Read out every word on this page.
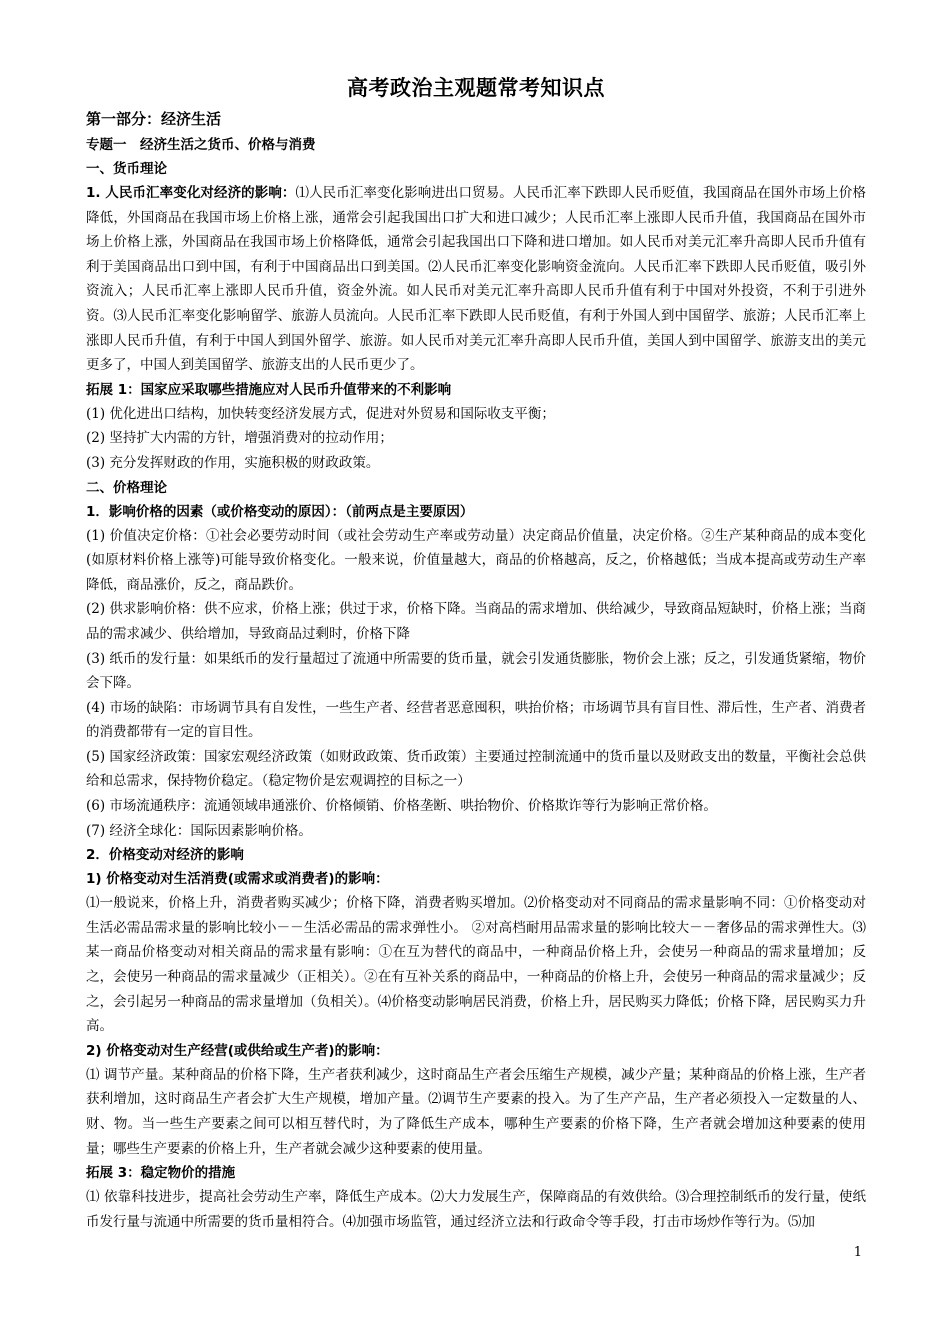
高考政治主观题常考知识点
第一部分：经济生活
专题一　经济生活之货币、价格与消费
一、货币理论

1. 人民币汇率变化对经济的影响：⑴人民币汇率变化影响进出口贸易。人民币汇率下跌即人民币贬值，我国商品在国外市场上价格降低，外国商品在我国市场上价格上涨，通常会引起我国出口扩大和进口减少；人民币汇率上涨即人民币升值，我国商品在国外市场上价格上涨，外国商品在我国市场上价格降低，通常会引起我国出口下降和进口增加。如人民币对美元汇率升高即人民币升值有利于美国商品出口到中国，有利于中国商品出口到美国。⑵人民币汇率变化影响资金流向。人民币汇率下跌即人民币贬值，吸引外资流入；人民币汇率上涨即人民币升值，资金外流。如人民币对美元汇率升高即人民币升值有利于中国对外投资，不利于引进外资。⑶人民币汇率变化影响留学、旅游人员流向。人民币汇率下跌即人民币贬值，有利于外国人到中国留学、旅游；人民币汇率上涨即人民币升值，有利于中国人到国外留学、旅游。如人民币对美元汇率升高即人民币升值，美国人到中国留学、旅游支出的美元更多了，中国人到美国留学、旅游支出的人民币更少了。

拓展 1：国家应采取哪些措施应对人民币升值带来的不利影响

(1) 优化进出口结构，加快转变经济发展方式，促进对外贸易和国际收支平衡；

(2) 坚持扩大内需的方针，增强消费对的拉动作用；

(3) 充分发挥财政的作用，实施积极的财政政策。

二、价格理论
1．影响价格的因素（或价格变动的原因）：（前两点是主要原因）

(1) 价值决定价格：①社会必要劳动时间（或社会劳动生产率或劳动量）决定商品价值量，决定价格。②生产某种商品的成本变化(如原材料价格上涨等)可能导致价格变化。一般来说，价值量越大，商品的价格越高，反之，价格越低；当成本提高或劳动生产率降低，商品涨价，反之，商品跌价。

(2) 供求影响价格：供不应求，价格上涨；供过于求，价格下降。当商品的需求增加、供给减少，导致商品短缺时，价格上涨；当商品的需求减少、供给增加，导致商品过剩时，价格下降

(3) 纸币的发行量：如果纸币的发行量超过了流通中所需要的货币量，就会引发通货膨胀，物价会上涨；反之，引发通货紧缩，物价会下降。

(4) 市场的缺陷：市场调节具有自发性，一些生产者、经营者恶意囤积，哄抬价格；市场调节具有盲目性、滞后性，生产者、消费者的消费都带有一定的盲目性。

(5) 国家经济政策：国家宏观经济政策（如财政政策、货币政策）主要通过控制流通中的货币量以及财政支出的数量，平衡社会总供给和总需求，保持物价稳定。（稳定物价是宏观调控的目标之一）

(6) 市场流通秩序：流通领域串通涨价、价格倾销、价格垄断、哄抬物价、价格欺诈等行为影响正常价格。

(7) 经济全球化：国际因素影响价格。

2．价格变动对经济的影响
1) 价格变动对生活消费(或需求或消费者)的影响：

⑴一般说来，价格上升，消费者购买减少；价格下降，消费者购买增加。⑵价格变动对不同商品的需求量影响不同：①价格变动对生活必需品需求量的影响比较小－－生活必需品的需求弹性小。 ②对高档耐用品需求量的影响比较大－－奢侈品的需求弹性大。⑶某一商品价格变动对相关商品的需求量有影响：①在互为替代的商品中，一种商品价格上升，会使另一种商品的需求量增加；反之，会使另一种商品的需求量减少（正相关）。②在有互补关系的商品中，一种商品的价格上升，会使另一种商品的需求量减少；反之，会引起另一种商品的需求量增加（负相关）。⑷价格变动影响居民消费，价格上升，居民购买力降低；价格下降，居民购买力升高。

2) 价格变动对生产经营(或供给或生产者)的影响：

⑴ 调节产量。某种商品的价格下降，生产者获利减少，这时商品生产者会压缩生产规模，减少产量；某种商品的价格上涨，生产者获利增加，这时商品生产者会扩大生产规模，增加产量。⑵调节生产要素的投入。为了生产产品，生产者必须投入一定数量的人、财、物。当一些生产要素之间可以相互替代时，为了降低生产成本，哪种生产要素的价格下降，生产者就会增加这种要素的使用量；哪些生产要素的价格上升，生产者就会减少这种要素的使用量。

拓展 3：稳定物价的措施

⑴ 依靠科技进步，提高社会劳动生产率，降低生产成本。⑵大力发展生产，保障商品的有效供给。⑶合理控制纸币的发行量，使纸币发行量与流通中所需要的货币量相符合。⑷加强市场监管，通过经济立法和行政命令等手段，打击市场炒作等行为。⑸加

1
